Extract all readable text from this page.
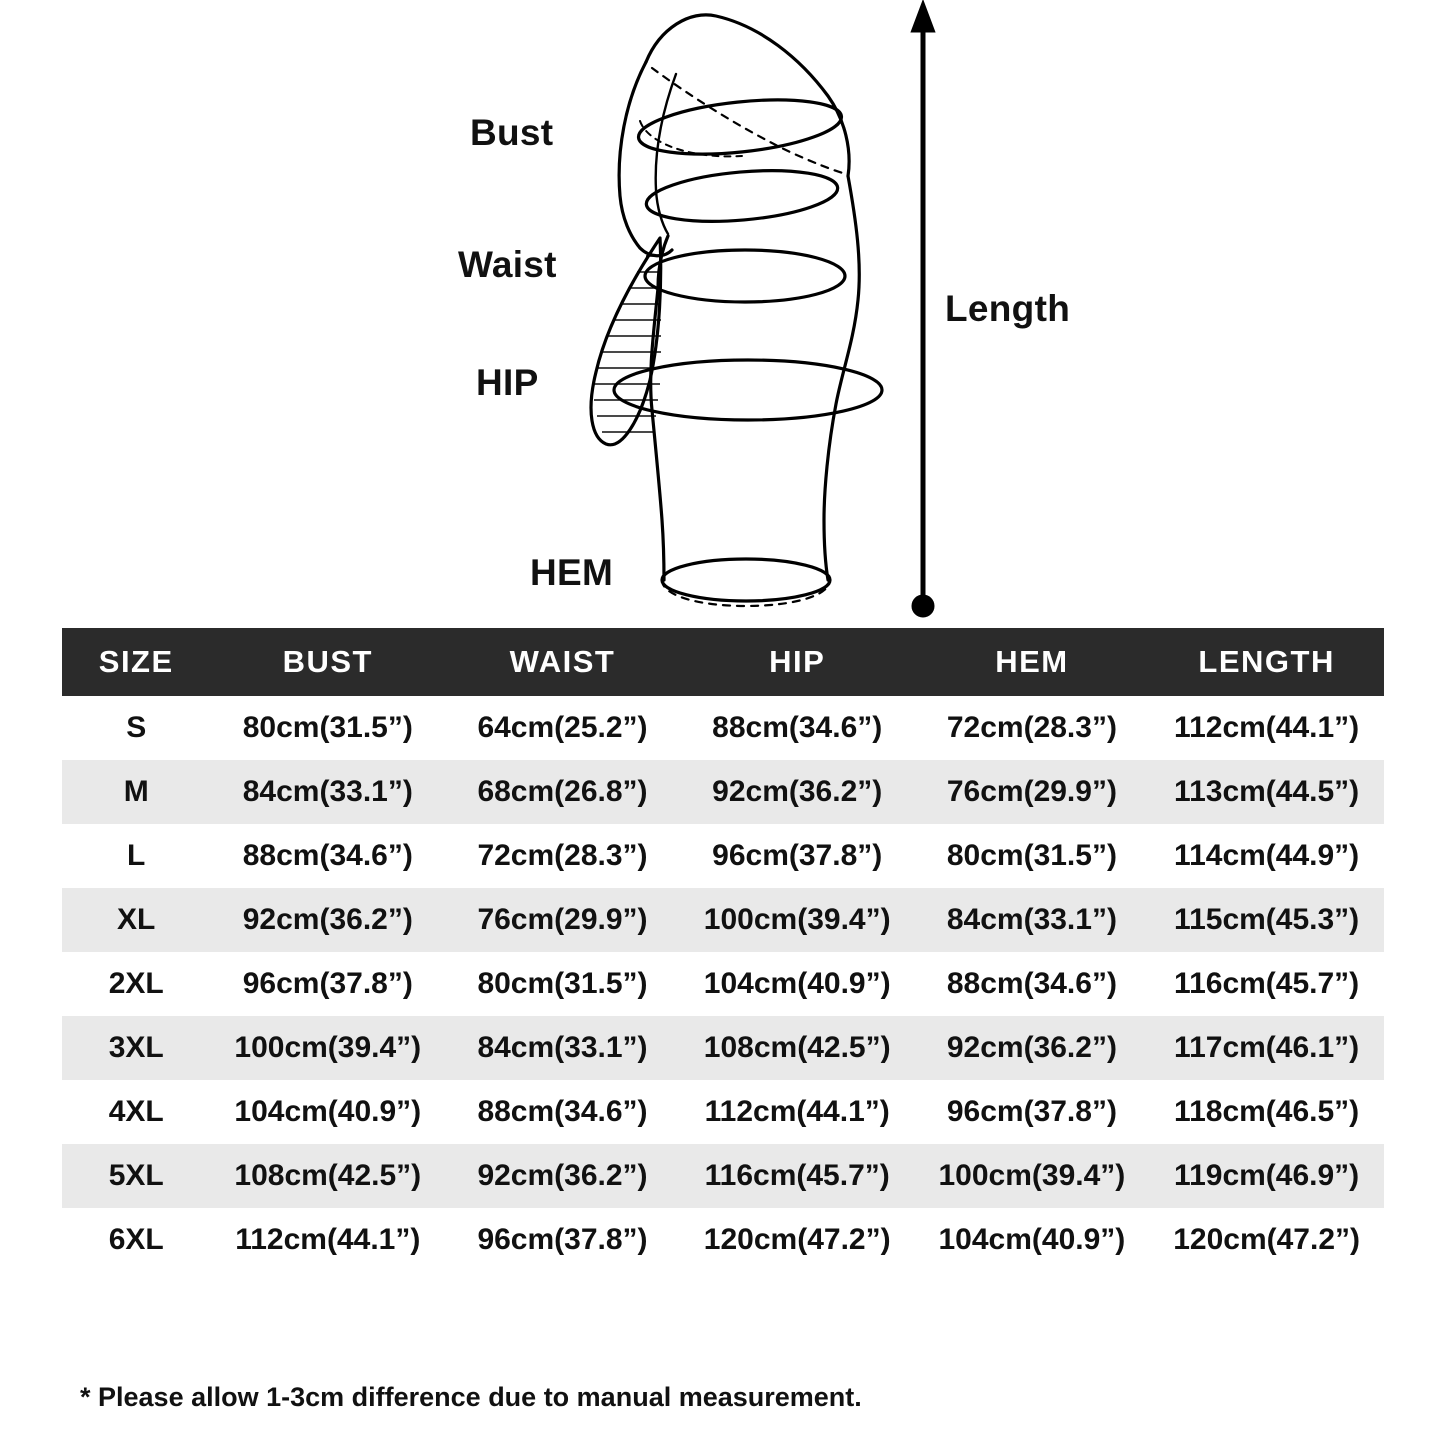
Bust
Waist
HIP
HEM
Length
SIZE	BUST	WAIST	HIP	HEM	LENGTH
S	80cm(31.5”)	64cm(25.2”)	88cm(34.6”)	72cm(28.3”)	112cm(44.1”)
M	84cm(33.1”)	68cm(26.8”)	92cm(36.2”)	76cm(29.9”)	113cm(44.5”)
L	88cm(34.6”)	72cm(28.3”)	96cm(37.8”)	80cm(31.5”)	114cm(44.9”)
XL	92cm(36.2”)	76cm(29.9”)	100cm(39.4”)	84cm(33.1”)	115cm(45.3”)
2XL	96cm(37.8”)	80cm(31.5”)	104cm(40.9”)	88cm(34.6”)	116cm(45.7”)
3XL	100cm(39.4”)	84cm(33.1”)	108cm(42.5”)	92cm(36.2”)	117cm(46.1”)
4XL	104cm(40.9”)	88cm(34.6”)	112cm(44.1”)	96cm(37.8”)	118cm(46.5”)
5XL	108cm(42.5”)	92cm(36.2”)	116cm(45.7”)	100cm(39.4”)	119cm(46.9”)
6XL	112cm(44.1”)	96cm(37.8”)	120cm(47.2”)	104cm(40.9”)	120cm(47.2”)
* Please allow 1-3cm difference due to manual measurement.
